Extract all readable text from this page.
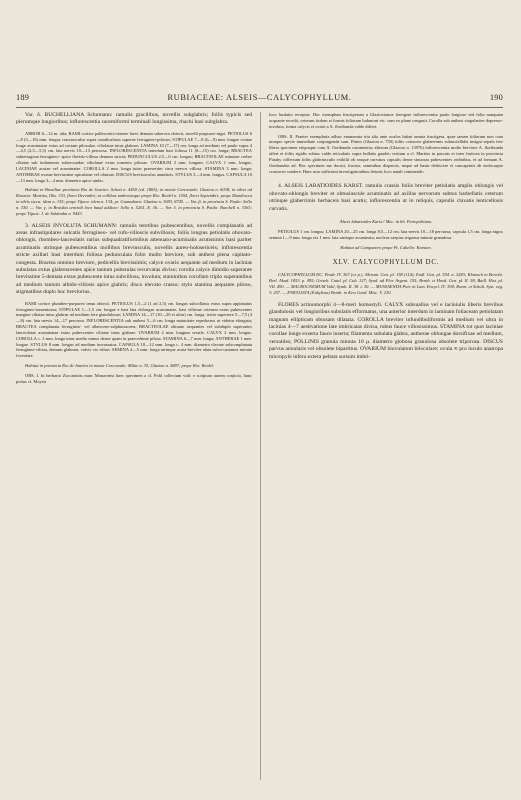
189	RUBIACEAE: ALSEIS—CALYCOPHYLLUM.	190

Var. δ. BUCHELLIANA Schumann: ramulis gracilibus, novellis subglabris; foliis typicis sed plerumque longioribus; inflorescentia racemiformi terminali longissima, rhachi basi subglabra.

ARBOR 6—12 m. alta; RAMI cortice pallescenti-cinereo laevi demum suberoso obtecti, novelli purpureo-nigri. PETIOLUS 6—8 (5—16) mm. longus crassiusculus supra canaliculatus superne ferrugineo-pilosus; STIPULAE 7—8 (6—9) mm. longae ovatae longe acuminatae extus ad costam pilosulae, ciliolatae intus glabrae; LAMINA 10 (7—17) cm. longa ad medium vel paulo supra 4—4,5 (2,5—5,5) cm. lata nervis 10—13 percursa. INFLORESCENTIA interdum basi foliosa 11 (8—15) cm. longa; BRACTEA subtetragona ferrugineo- apice flavido-villosa demum stricta; PEDUNCULUS 2,5—6 cm. longus; BRACTEOLAE minutae crebre ciliatae sub indumento subsecundae ciliolatae extus tomento pilosae. OVARIUM 2 mm. longum. CALYX 1 mm. longus, LACINIAE acutae vel acuminatae. COROLLA 2 mm. longa intus praesertim circa nervos villosa. STAMINA 3 mm. longa; ANTHERAE ovatae breviusime apiculatae vel obtusae. DISCUS breviusculus annularis. STYLUS 3—4 mm. longus. CAPSULA 10—13 mm. longa 3—4 mm. diametro apice umbo.

Habitat in Brasiliae provincia Rio de Janeiro: Schott n. 4450 (ed. 1865); in monte Corcovado: Glaziou n. 6038; in silvis ad Rosario: Martius, Obs. 333, floret Decembri; in collibus umbrosisque prope Rio: Riedel n. 1054, floret Septembri; prope Mandiocca in silvis sicca: idem n. 135; prope Tijuca: idem n. 134; pr. Guanabara: Glaziou n. 3693, 8745. — Var. β. in provincia S. Paulo: Sello n. 330. — Var. γ. in Brasilia centrali loco haud addicto: Sello n. 5261, E. 36. — Var. δ. in provincia S. Paulo: Burchell n. 3363; prope Tijuca: J. de Saldanha n. 9443.

3. ALSEIS INVOLUTA SCHUMANN: ramulis teretibus pubescentibus, novellis complanatis ad areas infrastipulares sulcatis ferrugineo- vel rufo-villoscis subvillosis; foliis longius petiolatis obovato-oblongis, rhombeo-lanceolatis rarius subquadratiformibus attenuato-acuminatis acutissimis basi pariter acuminatis utrinque pubescentibus mollibus breviusculis, novellis aureo-holosericeis; inflorescentia stricte axillari basi interdum foliosa pedunculata folio multo breviore, sub anthesi plena capitato-congesta. Bractea omnino breviore, pedicellis brevissimis; calyce ovario aequante ad medium in lacinias subulatas extus glabrescentes apice tantum puberulas recurvatas diviso; corolla calyce dimidio superante brevissime 5-dentata extus pubescente intus subvillosa, involuta; staminibus corollam triplo superantibus ad medium tantum albido-villosis apice glabris; disco elevato crasso; stylo stamina aequante piloso, stigmatibus duplo hoc breviorius.

RAMI cortice plumbeo-purpureo tenui obtecti. PETIOLUS 1,5—2 (1 ad 2,5) cm. longus subcollatus extus supra applanatus ferrugineo-tomentosus; STIPULAE 1—1,5 cm. longae e basi lata oblongae acuminatae, basi villosae ceterum extus pubescentes margine ciliatae intus glabrae ad medium fere glandulosae; LAMINA 14—17 (10—20 et ultra) cm. longa, tertio superiore 5—7,5 (4—8) cm. lata nervis 14—17 percursa. INFLORESCENTIA sub anthesi 5—6 cm. longa maturitate repedacrus ut videtur elongata; BRACTEA complanata ferrugineo- vel albescens-sulphurascens; BRACTEOLAE obtusae aequantes vel subduplo superantes lanceolatae acuminatae extus pubescentes ciliatae intus glabrae. OVARIUM 2 mm. longum sessile. CALYX 2 mm. longus. COROLLA c. 3 mm. longa intus medio minus dense quam in praecedente pilosa. STAMINA 6—7 mm. longa; ANTHERAE 1 mm. longae. STYLUS 8 mm. longus ad medium incrassatus. CAPSULA 10—12 mm. longa c. 4 mm. diametro clavate subcomplanata ferrugineo-ciliata, demum glabrata, valvis vix tribus. SEMINA 4—5 mm. longa utrinque acuta breviter alata rufeo-castanea minute foveolata.

Habitat in provincia Rio de Janeiro in monte Corcovado: Milne n. 35, Glaziou n. 5887; prope Rio: Riedel.

OBS. I. In herbario Zuccariniis nunc Monacensi haec specimen a cl. Pohl collectum vidi: e scriptura autem conjicio, hanc potius cl. Moyen

loco lusdatio receptae. Hoc exemplum fructiperum a Glaziovianoe fereigere inflorescentia paulo longiore sed folia nunquam acquante recedit, ceterum iisdem et formis folioram ludunturt etc. cum eo plane congruit. Corolla sub anthesi singulariter depresso-involuta, forma calycis et ovarii a A. floribunda valde differt.

OBS. II. Praeter exemplaria adhuc enumerata tria alia ante oculos habui omnia fructigera, quae tamen folioram non cum utraque specie immediate conjungenda sunt. Primo (Glaziou n. 750) foliis coriaceis glaberrimis subtusfallidis insigni sepala fere libera specimen etiqoaque cum A. floribunda commentia; alterum (Glaziou n. 13976) inflorescentia multo breviore A. floribunda affert et foliis rigidis subtus valde reticulatis supra bullatis gaudet; tertium a cl. Martius in pascuis et inter fruticea in provincia Piauhy collectum foliis glabriusculis exibilit ob easque curvatos capsulis dense sinuosas pubescentes ordinibus, et ad formam A. floribundae ad. Hoc specimen me docuit, fructus, seminibus dispersis, neque ad basin dehiscere et caucaprinis ab endocarpio crustaceo soudere. Haec non sufficiunt investigationibus fieturis loco natali commendo.

4. ALSEIS LABATIOIDES KARST. ramulis crassis foliis breviter petiolatis amplis oblongis vel obovato-oblongis breviter et obtusiuscule acuminatis ad axillas nervorum subtus barbellatis ceterum utrinque glaberrimis herbaceis basi acutis; inflorescentia ut in reliquis, capsulis clavatis lenticellosis curvatis.

Alseis labatioides Karst.! Mec. in hb. Petropolitano.

PETIOLUS 1 cm. longus; LAMINA 20—25 cm. longa 8,5—12 cm. lata nervis 10—18 percursa; capsula 1,5 cm. longa nigra; semina 1—9 mm. longa vix 1 mm. lata utrinque acuminata; nucleus saepius trigonus minute granulosa.

Habitat ad Campanero prope Pt. Cabello: Karsten.

XLV. CALYCOPHYLLUM DC.

CALYCOPHYLLUM DC. Prodr. IV. 367 (ex p.); Meisnn. Gen. pl. 158 (114); Endl. Gen. pl. 554. n. 3283; Klotzsch in Bericht. Berl. Akad. 1853. p. 495; Griseb. Catal. pl. Cub. 127; Synd. ad Flor. Argent. 155; Benth. et Hook. Gen. pl. II. 38; Baill. Hist. pl. VII. 490. — MACROCNEMUM Vahl, Symb. II. 38. t. 30. — MUSSAENDA Poir. in Lam. Encycl. IV. 394; Roem. et Schult. Syst. veg. V. 257. — ENKYLISTA (Enkylista) Benth. in Kew Gard. Misc. V. 230.

FLORES actinomorphi 4—8-meri homostyli. CALYX subsuallus vel e laciniulis liberis brevibus glandulosis vel longioribus subulatis efformatus, una anterior interdum in laminam foliaceam petiolatam magnam ellipticam obtusam dilatata. COROLLA breviter infundibuliformis ad medium vel ultra in lacinias 4—7 aestivatione late imbricatas divisa, tubus fauce villosissimus. STAMINA tot quot laciniae corollae longe exserta fauce inserta; filamenta subulata glabra, antherae oblongae dorsifixae ad medium, versatiles; POLLINIS granula minuta 10 μ. diametro globosa granulosa obsolete triporosa. DISCUS parvus annularis vel obsolete bipartitus. OVARIUM biovulatum biloculare; ovula ∞ pro loculo anatropa micropyle infera extera peltata sursum imbri-
